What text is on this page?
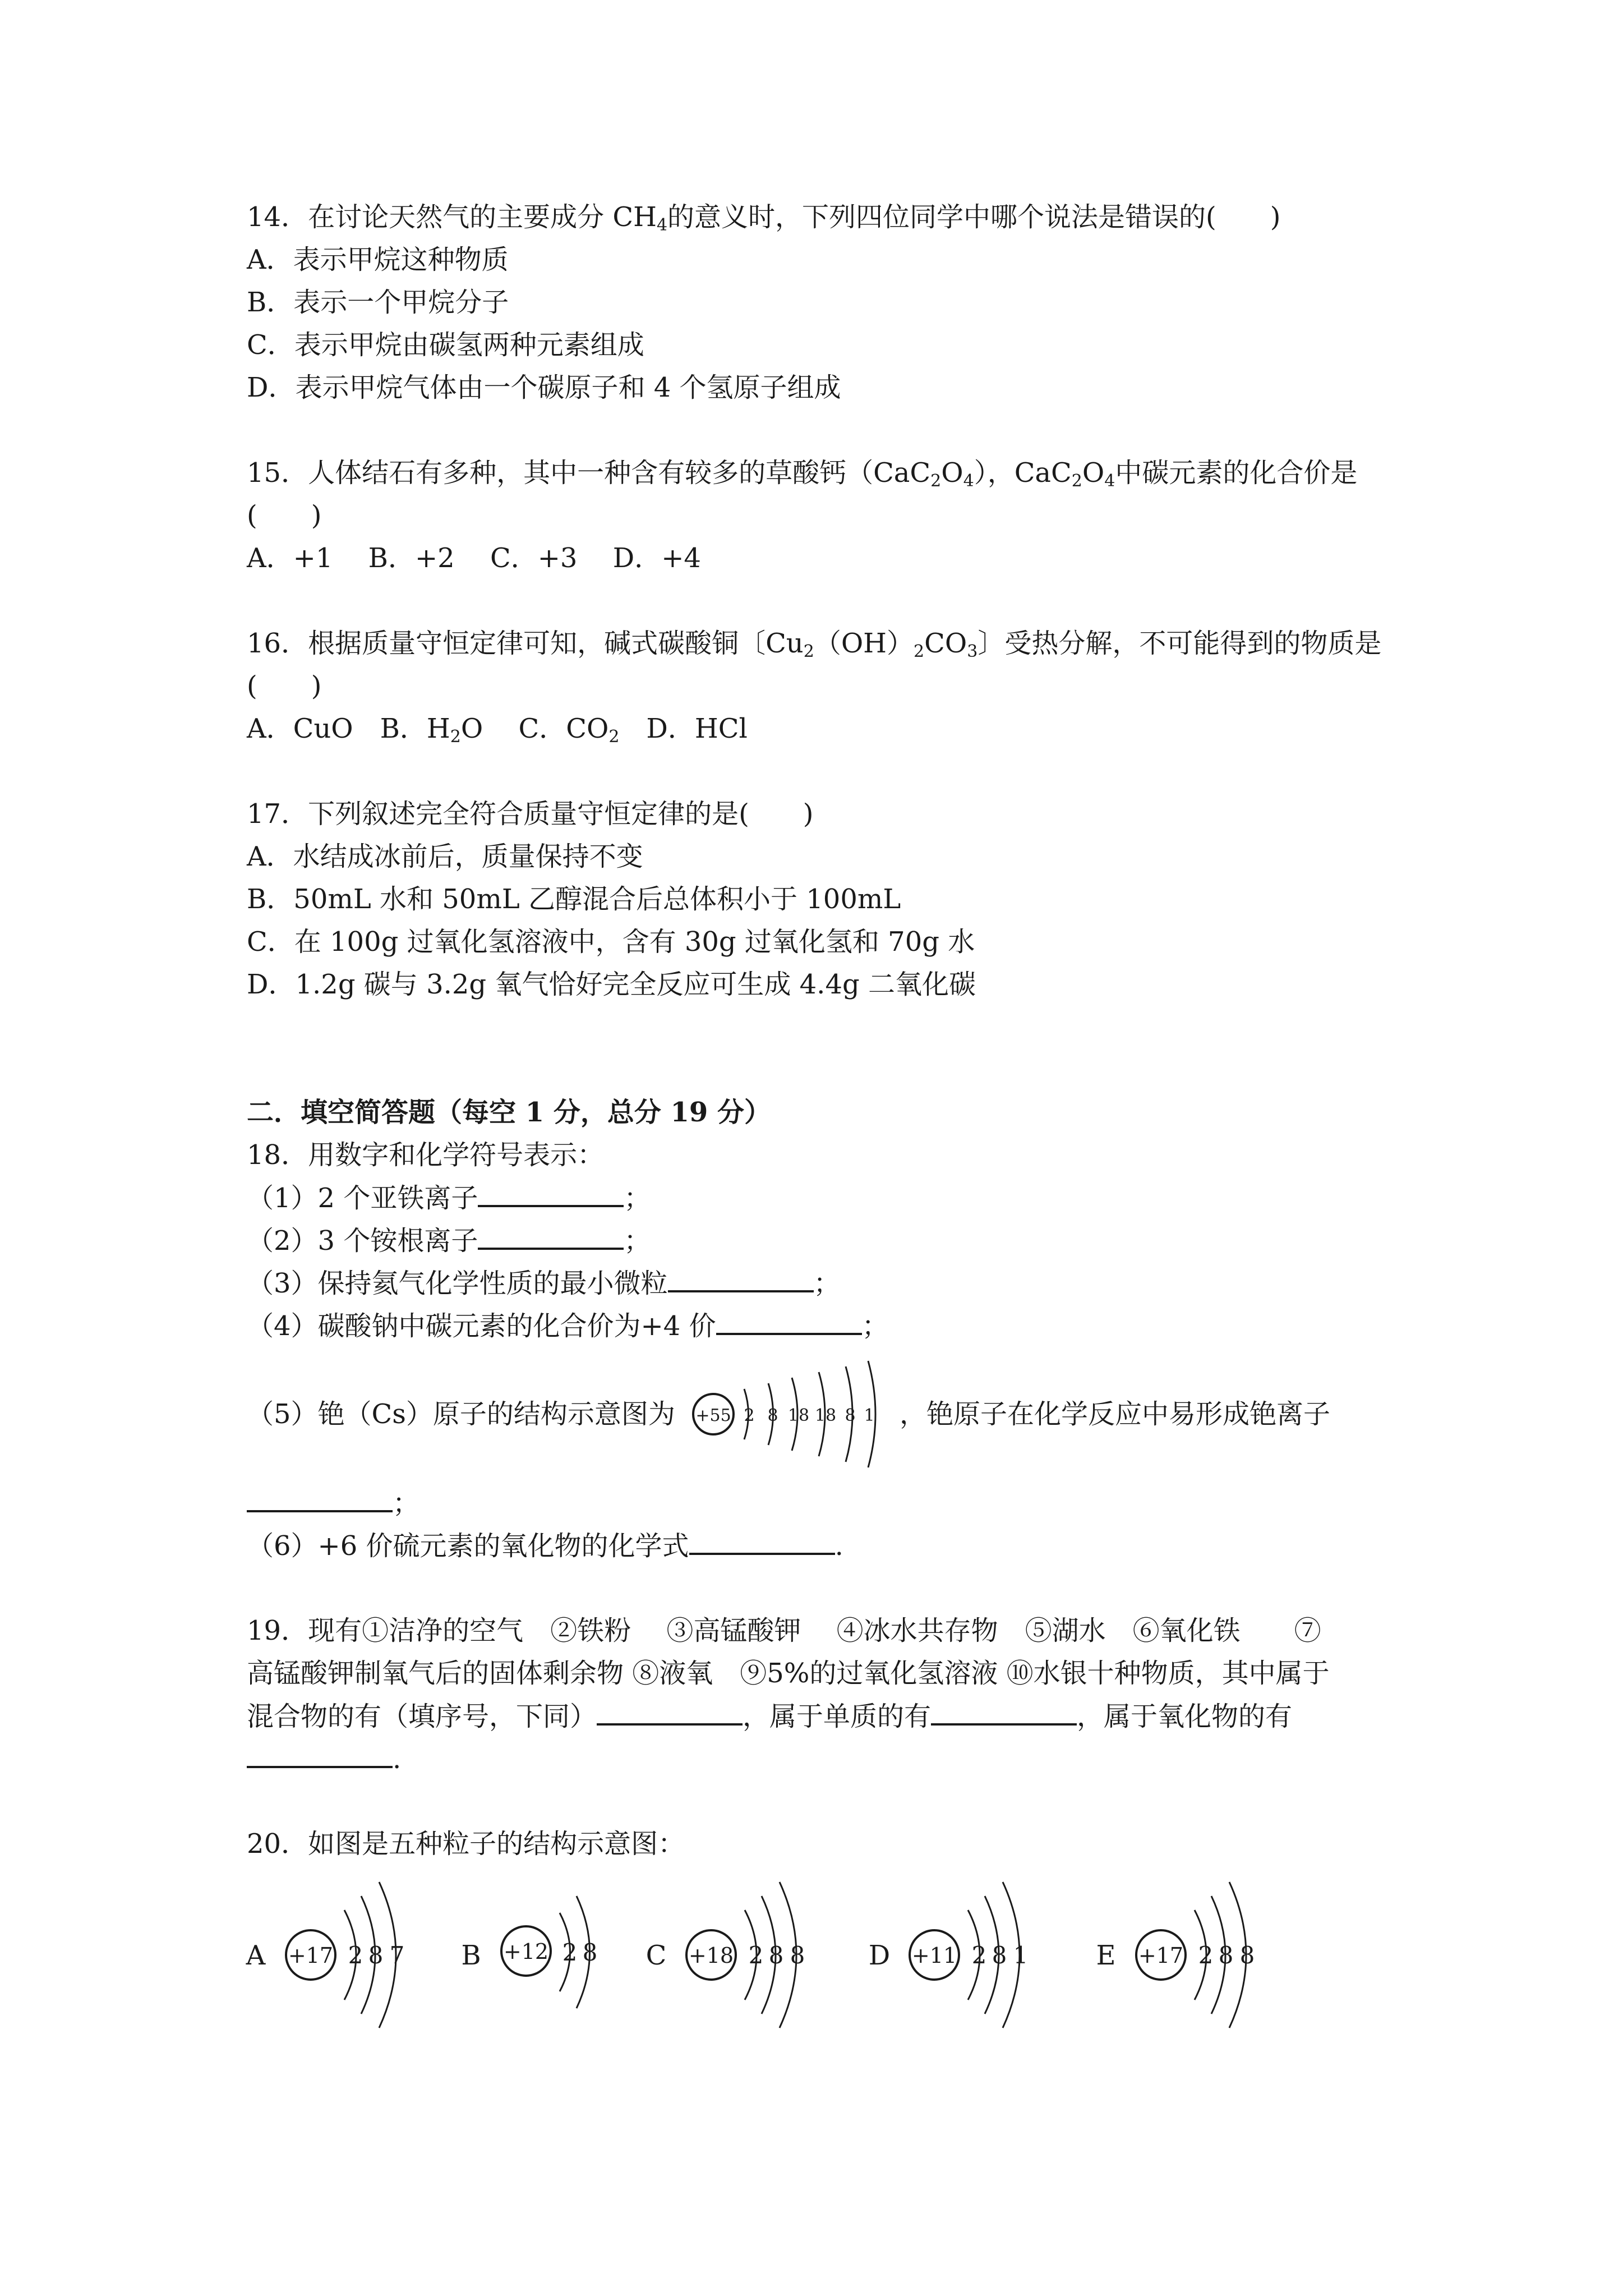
14．在讨论天然气的主要成分 $CH_4$的意义时，下列四位同学中哪个说法是错误的(　　)
A．表示甲烷这种物质
B．表示一个甲烷分子
C．表示甲烷由碳氢两种元素组成
D．表示甲烷气体由一个碳原子和 4 个氢原子组成
15．人体结石有多种，其中一种含有较多的草酸钙$(CaC_2O_4)$，$CaC_2O_4$中碳元素的化合价是
(　　)
A．+1　 B．+2　 C．+3　 D．+4
16．根据质量守恒定律可知，碱式碳酸铜〔$Cu_2(OH)_2CO_3$〕受热分解，不可能得到的物质是
(　　)
A．CuO　B．$H_2O$　 C．$CO_2$　D．HCl
17．下列叙述完全符合质量守恒定律的是(　　)
A．水结成冰前后，质量保持不变
B．50mL 水和 50mL 乙醇混合后总体积小于 100mL
C．在 100g 过氧化氢溶液中，含有 30g 过氧化氢和 70g 水
D．1.2g 碳与 3.2g 氧气恰好完全反应可生成 4.4g 二氧化碳
二．填空简答题（每空 1 分，总分 19 分）
18．用数字和化学符号表示：
（1）2 个亚铁离子	；
（2）3 个铵根离子	；
（3）保持氦气化学性质的最小微粒	；
（4）碳酸钠中碳元素的化合价为+4 价	；
（5）铯（Cs）原子的结构示意图为 +55 2 8 18 18 8 1 ，铯原子在化学反应中易形成铯离子
；
（6）+6 价硫元素的氧化物的化学式	.
19．现有①洁净的空气　②铁粉　 ③高锰酸钾　 ④冰水共存物　⑤湖水　⑥氧化铁　　⑦
高锰酸钾制氧气后的固体剩余物 ⑧液氧　⑨5%的过氧化氢溶液 ⑩水银十种物质，其中属于
混合物的有（填序号，下同）	，属于单质的有	，属于氧化物的有
.
20．如图是五种粒子的结构示意图：
A +17 2 8 7 B +12 2 8 C +18 2 8 8 D +11 2 8 1	E +17 2 8 8
